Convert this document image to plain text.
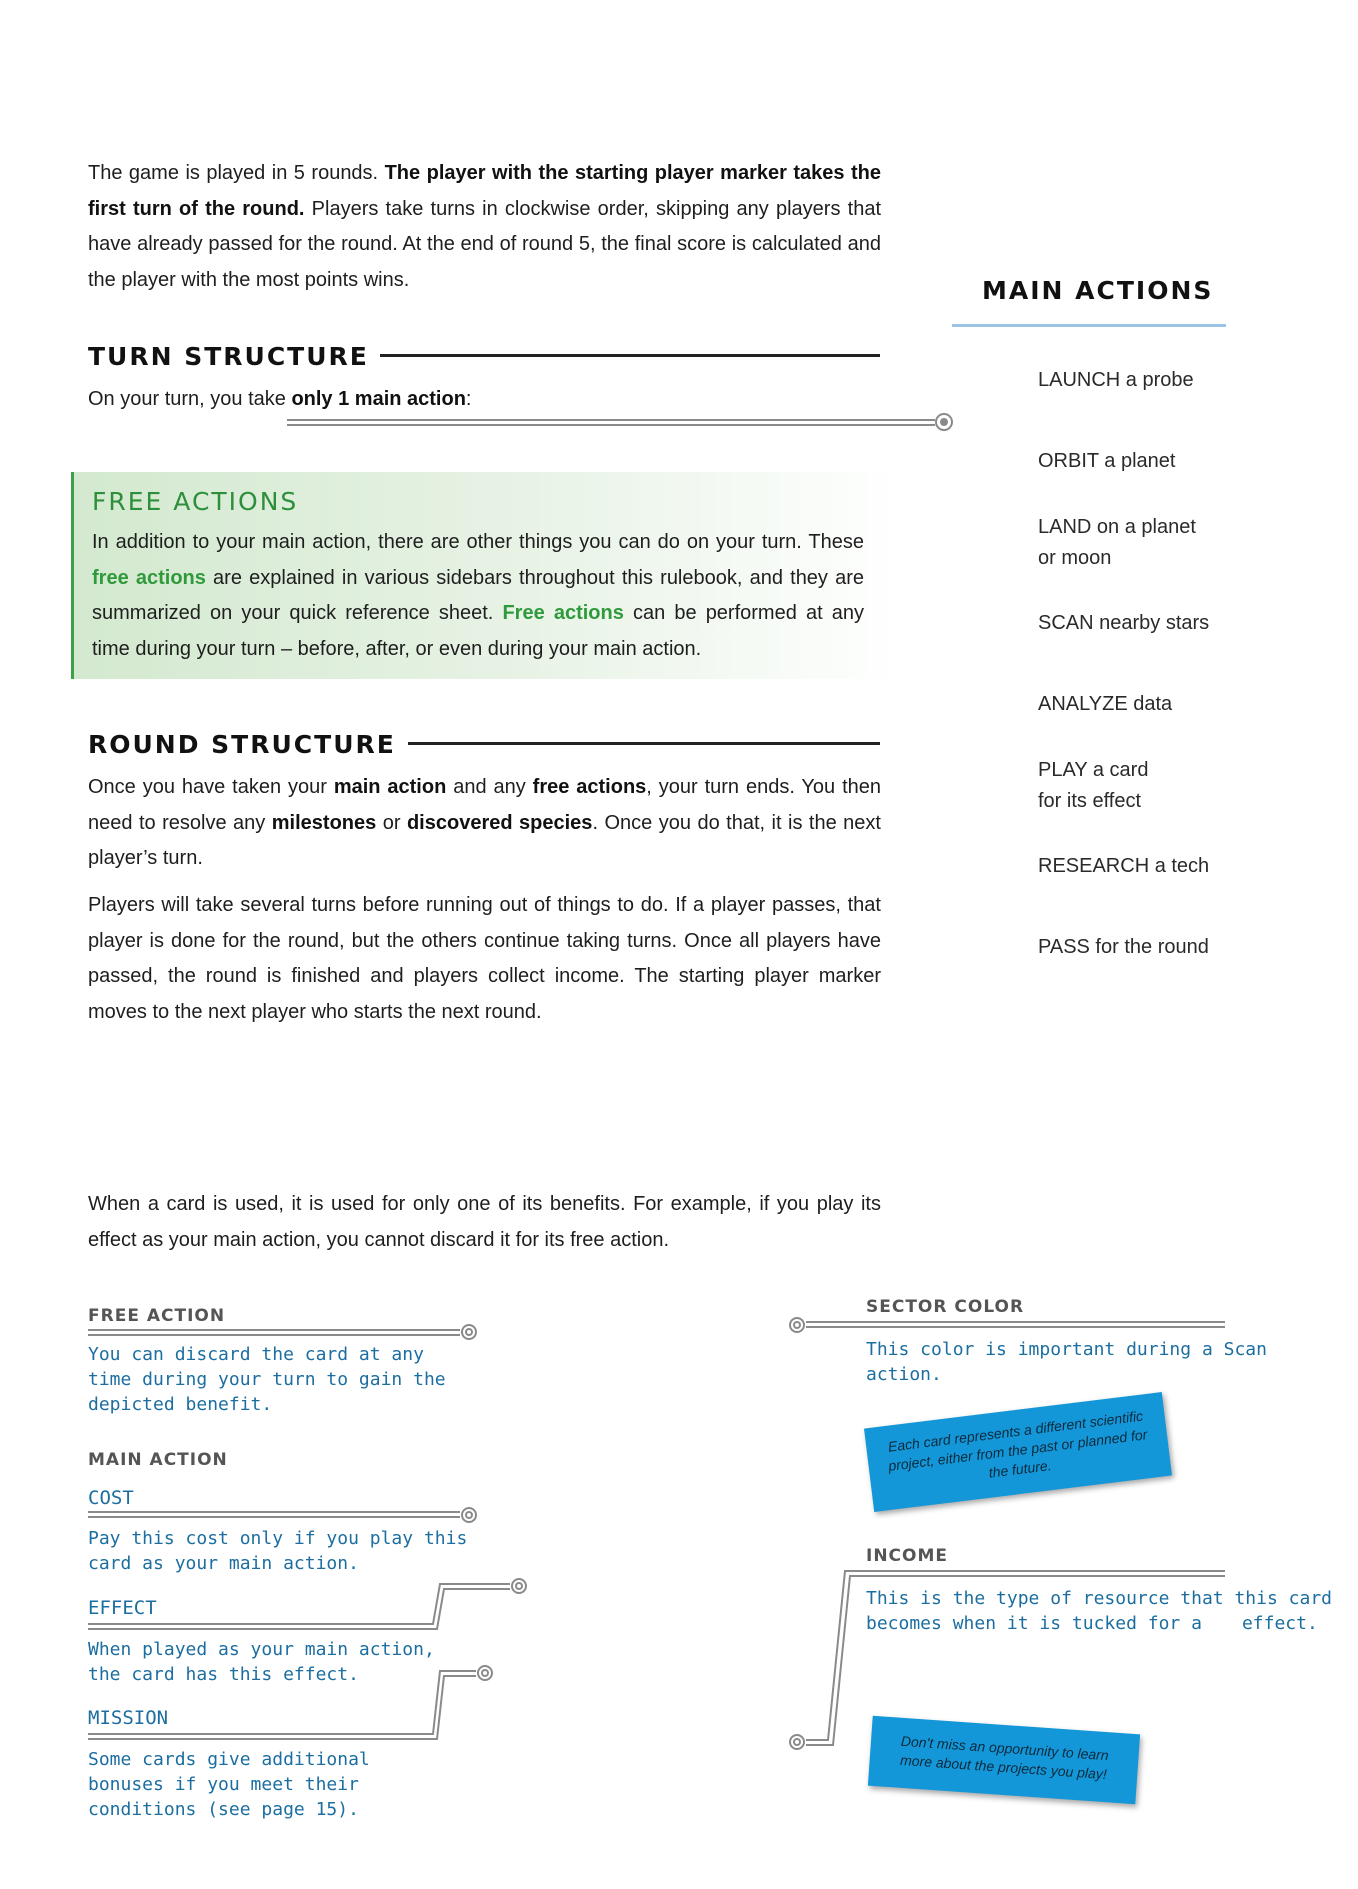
The game is played in 5 rounds. The player with the starting player marker takes the first turn of the round. Players take turns in clockwise order, skipping any players that have already passed for the round. At the end of round 5, the final score is calculated and the player with the most points wins.

TURN STRUCTURE

On your turn, you take only 1 main action:

FREE ACTIONS

In addition to your main action, there are other things you can do on your turn. These free actions are explained in various sidebars throughout this rulebook, and they are summarized on your quick reference sheet. Free actions can be performed at any time during your turn – before, after, or even during your main action.

ROUND STRUCTURE

Once you have taken your main action and any free actions, your turn ends. You then need to resolve any milestones or discovered species. Once you do that, it is the next player’s turn.

Players will take several turns before running out of things to do. If a player passes, that player is done for the round, but the others continue taking turns. Once all players have passed, the round is finished and players collect income. The starting player marker moves to the next player who starts the next round.

MAIN ACTIONS
LAUNCH a probe
ORBIT a planet
LAND on a planet
or moon
SCAN nearby stars
ANALYZE data
PLAY a card
for its effect
RESEARCH a tech
PASS for the round

When a card is used, it is used for only one of its benefits. For example, if you play its effect as your main action, you cannot discard it for its free action.

FREE ACTION
You can discard the card at any
time during your turn to gain the
depicted benefit.
MAIN ACTION
COST
Pay this cost only if you play this
card as your main action.
EFFECT
When played as your main action,
the card has this effect.
MISSION
Some cards give additional
bonuses if you meet their
conditions (see page 15).
SECTOR COLOR
This color is important during a Scan
action.
Each card represents a different scientific project, either from the past or planned for the future.
INCOME
This is the type of resource that this card
becomes when it is tucked for a effect.
Don't miss an opportunity to learn more about the projects you play!
